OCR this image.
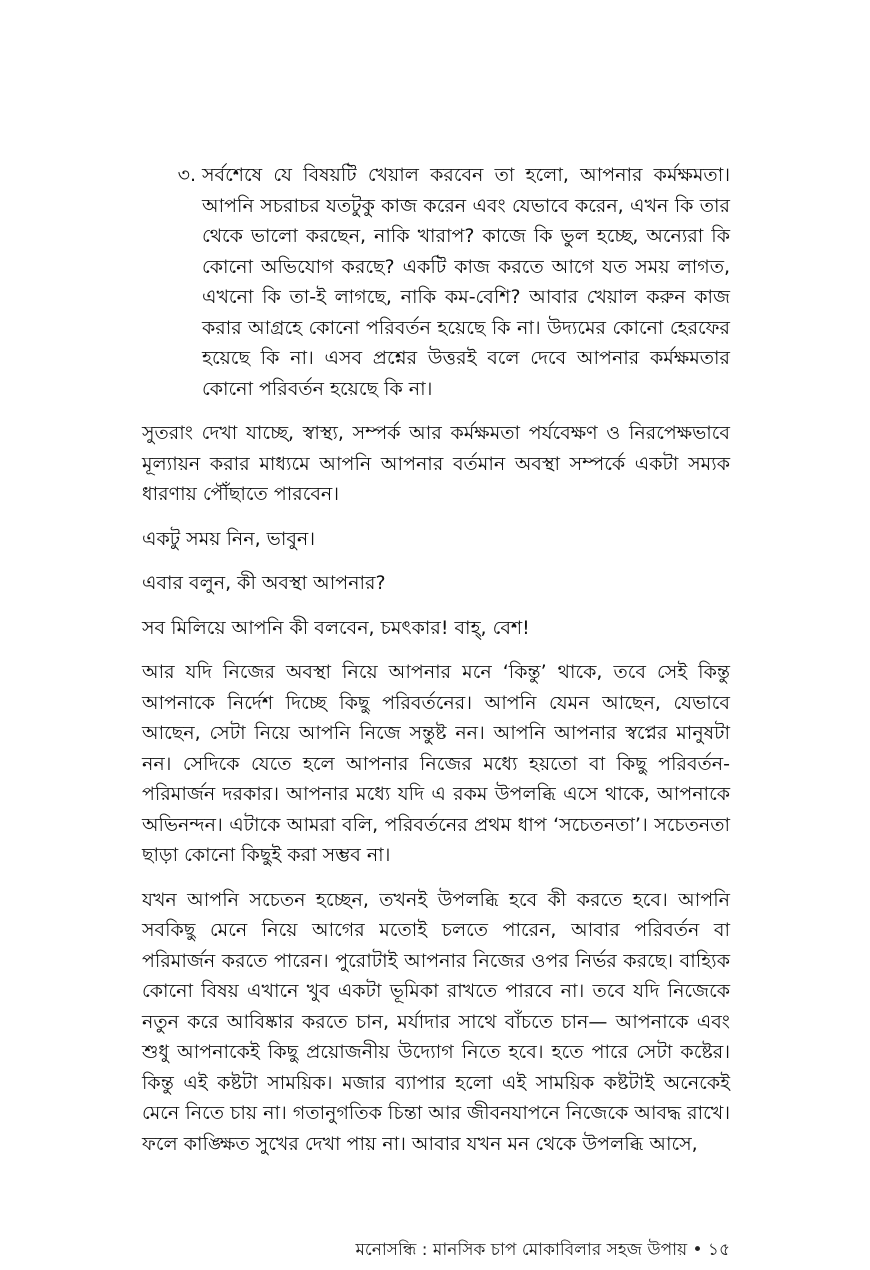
৩. সর্বশেষে যে বিষয়টি খেয়াল করবেন তা হলো, আপনার কর্মক্ষমতা। আপনি সচরাচর যতটুকু কাজ করেন এবং যেভাবে করেন, এখন কি তার থেকে ভালো করছেন, নাকি খারাপ? কাজে কি ভুল হচ্ছে, অন্যেরা কি কোনো অভিযোগ করছে? একটি কাজ করতে আগে যত সময় লাগত, এখনো কি তা-ই লাগছে, নাকি কম-বেশি? আবার খেয়াল করুন কাজ করার আগ্রহে কোনো পরিবর্তন হয়েছে কি না। উদ্যমের কোনো হেরফের হয়েছে কি না। এসব প্রশ্নের উত্তরই বলে দেবে আপনার কর্মক্ষমতার কোনো পরিবর্তন হয়েছে কি না।

সুতরাং দেখা যাচ্ছে, স্বাস্থ্য, সম্পর্ক আর কর্মক্ষমতা পর্যবেক্ষণ ও নিরপেক্ষভাবে মূল্যায়ন করার মাধ্যমে আপনি আপনার বর্তমান অবস্থা সম্পর্কে একটা সম্যক ধারণায় পৌঁছাতে পারবেন।

একটু সময় নিন, ভাবুন।

এবার বলুন, কী অবস্থা আপনার?

সব মিলিয়ে আপনি কী বলবেন, চমৎকার! বাহ্‌, বেশ!

আর যদি নিজের অবস্থা নিয়ে আপনার মনে ‘কিন্তু’ থাকে, তবে সেই কিন্তু আপনাকে নির্দেশ দিচ্ছে কিছু পরিবর্তনের। আপনি যেমন আছেন, যেভাবে আছেন, সেটা নিয়ে আপনি নিজে সন্তুষ্ট নন। আপনি আপনার স্বপ্নের মানুষটা নন। সেদিকে যেতে হলে আপনার নিজের মধ্যে হয়তো বা কিছু পরিবর্তন-পরিমার্জন দরকার। আপনার মধ্যে যদি এ রকম উপলব্ধি এসে থাকে, আপনাকে অভিনন্দন। এটাকে আমরা বলি, পরিবর্তনের প্রথম ধাপ ‘সচেতনতা’। সচেতনতা ছাড়া কোনো কিছুই করা সম্ভব না।

যখন আপনি সচেতন হচ্ছেন, তখনই উপলব্ধি হবে কী করতে হবে। আপনি সবকিছু মেনে নিয়ে আগের মতোই চলতে পারেন, আবার পরিবর্তন বা পরিমার্জন করতে পারেন। পুরোটাই আপনার নিজের ওপর নির্ভর করছে। বাহ্যিক কোনো বিষয় এখানে খুব একটা ভূমিকা রাখতে পারবে না। তবে যদি নিজেকে নতুন করে আবিষ্কার করতে চান, মর্যাদার সাথে বাঁচতে চান— আপনাকে এবং শুধু আপনাকেই কিছু প্রয়োজনীয় উদ্যোগ নিতে হবে। হতে পারে সেটা কষ্টের। কিন্তু এই কষ্টটা সাময়িক। মজার ব্যাপার হলো এই সাময়িক কষ্টটাই অনেকেই মেনে নিতে চায় না। গতানুগতিক চিন্তা আর জীবনযাপনে নিজেকে আবদ্ধ রাখে। ফলে কাঙ্ক্ষিত সুখের দেখা পায় না। আবার যখন মন থেকে উপলব্ধি আসে,

মনোসন্ধি : মানসিক চাপ মোকাবিলার সহজ উপায় • ১৫
